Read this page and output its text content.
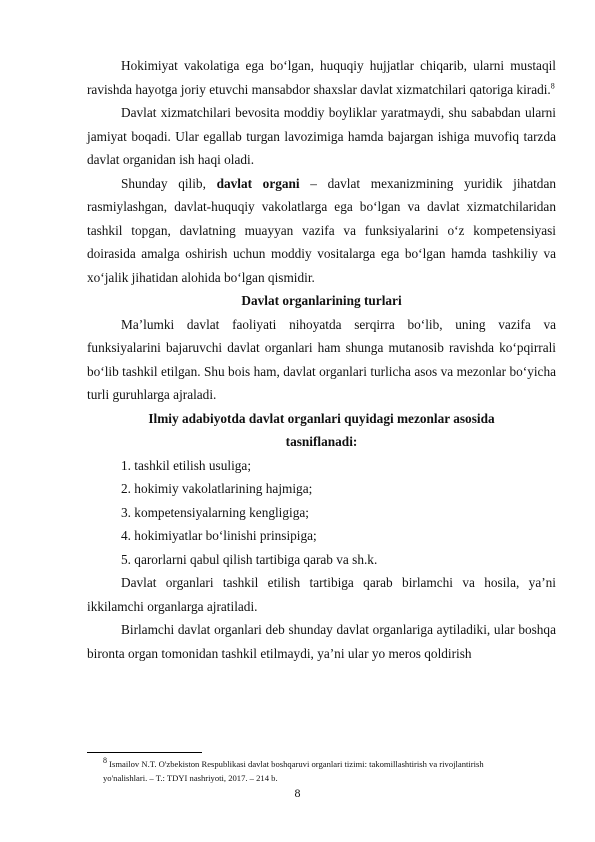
Hokimiyat vakolatiga ega bo‘lgan, huquqiy hujjatlar chiqarib, ularni mustaqil ravishda hayotga joriy etuvchi mansabdor shaxslar davlat xizmatchilari qatoriga kiradi.$^8$

Davlat xizmatchilari bevosita moddiy boyliklar yaratmaydi, shu sababdan ularni jamiyat boqadi. Ular egallab turgan lavozimiga hamda bajargan ishiga muvofiq tarzda davlat organidan ish haqi oladi.

Shunday qilib, davlat organi – davlat mexanizmining yuridik jihatdan rasmiylashgan, davlat-huquqiy vakolatlarga ega bo‘lgan va davlat xizmatchilaridan tashkil topgan, davlatning muayyan vazifa va funksiyalarini o‘z kompetensiyasi doirasida amalga oshirish uchun moddiy vositalarga ega bo‘lgan hamda tashkiliy va xo‘jalik jihatidan alohida bo‘lgan qismidir.

Davlat organlarining turlari

Ma’lumki davlat faoliyati nihoyatda serqirra bo‘lib, uning vazifa va funksiyalarini bajaruvchi davlat organlari ham shunga mutanosib ravishda ko‘pqirrali bo‘lib tashkil etilgan. Shu bois ham, davlat organlari turlicha asos va mezonlar bo‘yicha turli guruhlarga ajraladi.

Ilmiy adabiyotda davlat organlari quyidagi mezonlar asosida
tasniflanadi:
1. tashkil etilish usuliga;
2. hokimiy vakolatlarining hajmiga;
3. kompetensiyalarning kengligiga;
4. hokimiyatlar bo‘linishi prinsipiga;
5. qarorlarni qabul qilish tartibiga qarab va sh.k.

Davlat organlari tashkil etilish tartibiga qarab birlamchi va hosila, ya’ni ikkilamchi organlarga ajratiladi.

Birlamchi davlat organlari deb shunday davlat organlariga aytiladiki, ular boshqa bironta organ tomonidan tashkil etilmaydi, ya’ni ular yo meros qoldirish

$^8$ Ismailov N.T. O'zbekiston Respublikasi davlat boshqaruvi organlari tizimi: takomillashtirish va rivojlantirish
yo'nalishlari. – T.: TDYI nashriyoti, 2017. – 214 b.
8
